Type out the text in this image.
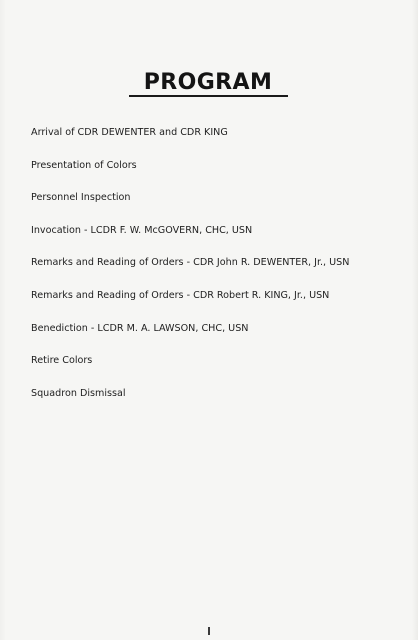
PROGRAM
Arrival of CDR DEWENTER and CDR KING
Presentation of Colors
Personnel Inspection
Invocation - LCDR F. W. McGOVERN, CHC, USN
Remarks and Reading of Orders - CDR John R. DEWENTER, Jr., USN
Remarks and Reading of Orders - CDR Robert R. KING, Jr., USN
Benediction - LCDR M. A. LAWSON, CHC, USN
Retire Colors
Squadron Dismissal
